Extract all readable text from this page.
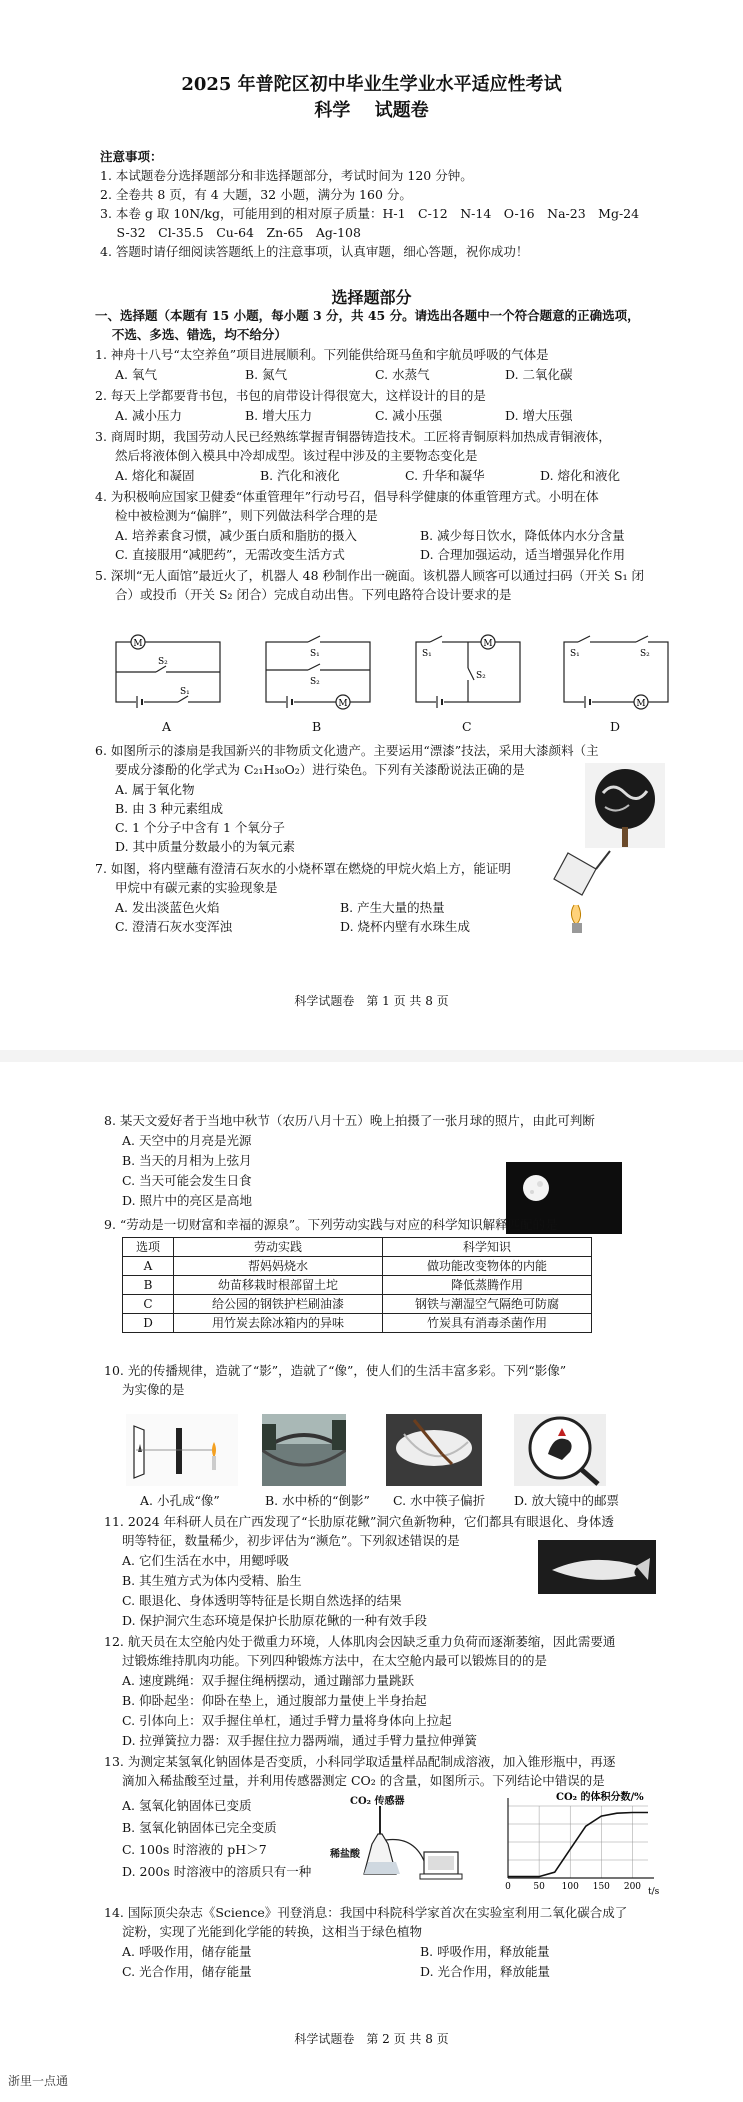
2025 年普陀区初中毕业生学业水平适应性考试
科学　 试题卷
注意事项：
1. 本试题卷分选择题部分和非选择题部分，考试时间为 120 分钟。
2. 全卷共 8 页，有 4 大题，32 小题，满分为 160 分。
3. 本卷 g 取 10N/kg，可能用到的相对原子质量：H-1　C-12　N-14　O-16　Na-23　Mg-24
　 S-32　Cl-35.5　Cu-64　Zn-65　Ag-108
4. 答题时请仔细阅读答题纸上的注意事项，认真审题，细心答题，祝你成功！
选择题部分
一、选择题（本题有 15 小题，每小题 3 分，共 45 分。请选出各题中一个符合题意的正确选项，
　 不选、多选、错选，均不给分）
1. 神舟十八号“太空养鱼”项目进展顺利。下列能供给斑马鱼和宇航员呼吸的气体是
A. 氧气	B. 氮气	C. 水蒸气	D. 二氧化碳
2. 每天上学都要背书包，书包的肩带设计得很宽大，这样设计的目的是
A. 减小压力	B. 增大压力	C. 减小压强	D. 增大压强
3. 商周时期，我国劳动人民已经熟练掌握青铜器铸造技术。工匠将青铜原料加热成青铜液体，
然后将液体倒入模具中冷却成型。该过程中涉及的主要物态变化是
A. 熔化和凝固	B. 汽化和液化	C. 升华和凝华	D. 熔化和液化
4. 为积极响应国家卫健委“体重管理年”行动号召，倡导科学健康的体重管理方式。小明在体
检中被检测为“偏胖”，则下列做法科学合理的是
A. 培养素食习惯，减少蛋白质和脂肪的摄入	B. 减少每日饮水，降低体内水分含量
C. 直接服用“减肥药”，无需改变生活方式	D. 合理加强运动，适当增强异化作用
5. 深圳“无人面馆”最近火了，机器人 48 秒制作出一碗面。该机器人顾客可以通过扫码（开关 S₁ 闭
合）或投币（开关 S₂ 闭合）完成自动出售。下列电路符合设计要求的是
M
S₂
S₁
A
S₁
S₂
M
B
M
S₁
S₂
C
S₁	S₂
M
D
6. 如图所示的漆扇是我国新兴的非物质文化遗产。主要运用“漂漆”技法，采用大漆颜料（主
要成分漆酚的化学式为 C₂₁H₃₀O₂）进行染色。下列有关漆酚说法正确的是
A. 属于氧化物
B. 由 3 种元素组成
C. 1 个分子中含有 1 个氧分子
D. 其中质量分数最小的为氧元素
7. 如图，将内壁蘸有澄清石灰水的小烧杯罩在燃烧的甲烷火焰上方，能证明
甲烷中有碳元素的实验现象是
A. 发出淡蓝色火焰	B. 产生大量的热量
C. 澄清石灰水变浑浊	D. 烧杯内壁有水珠生成
科学试题卷　第 1 页 共 8 页
8. 某天文爱好者于当地中秋节（农历八月十五）晚上拍摄了一张月球的照片，由此可判断
A. 天空中的月亮是光源
B. 当天的月相为上弦月
C. 当天可能会发生日食
D. 照片中的亮区是高地
9. “劳动是一切财富和幸福的源泉”。下列劳动实践与对应的科学知识解释匹配的是
选项	劳动实践	科学知识
A	帮妈妈烧水	做功能改变物体的内能
B	幼苗移栽时根部留土坨	降低蒸腾作用
C	给公园的钢铁护栏刷油漆	钢铁与潮湿空气隔绝可防腐
D	用竹炭去除冰箱内的异味	竹炭具有消毒杀菌作用
10. 光的传播规律，造就了“影”，造就了“像”，使人们的生活丰富多彩。下列“影像”
为实像的是
A. 小孔成“像”	B. 水中桥的“倒影” C. 水中筷子偏折 D. 放大镜中的邮票
11. 2024 年科研人员在广西发现了“长肋原花鳅”洞穴鱼新物种，它们都具有眼退化、身体透
明等特征，数量稀少，初步评估为“濒危”。下列叙述错误的是
A. 它们生活在水中，用鳃呼吸
B. 其生殖方式为体内受精、胎生
C. 眼退化、身体透明等特征是长期自然选择的结果
D. 保护洞穴生态环境是保护长肋原花鳅的一种有效手段
12. 航天员在太空舱内处于微重力环境，人体肌肉会因缺乏重力负荷而逐渐萎缩，因此需要通
过锻炼维持肌肉功能。下列四种锻炼方法中，在太空舱内最可以锻炼目的的是
A. 速度跳绳：双手握住绳柄摆动，通过蹦部力量跳跃
B. 仰卧起坐：仰卧在垫上，通过腹部力量使上半身抬起
C. 引体向上：双手握住单杠，通过手臂力量将身体向上拉起
D. 拉弹簧拉力器：双手握住拉力器两端，通过手臂力量拉伸弹簧
13. 为测定某氢氧化钠固体是否变质，小科同学取适量样品配制成溶液，加入锥形瓶中，再逐
滴加入稀盐酸至过量，并利用传感器测定 CO₂ 的含量，如图所示。下列结论中错误的是
A. 氢氧化钠固体已变质
B. 氢氧化钠固体已完全变质
C. 100s 时溶液的 pH＞7
D. 200s 时溶液中的溶质只有一种
CO₂ 传感器
稀盐酸
CO₂ 的体积分数/%
t/s
0	50 100 150 200
14. 国际顶尖杂志《Science》刊登消息：我国中科院科学家首次在实验室利用二氧化碳合成了
淀粉，实现了光能到化学能的转换，这相当于绿色植物
A. 呼吸作用，储存能量	B. 呼吸作用，释放能量
C. 光合作用，储存能量	D. 光合作用，释放能量
科学试题卷　第 2 页 共 8 页
浙里一点通
